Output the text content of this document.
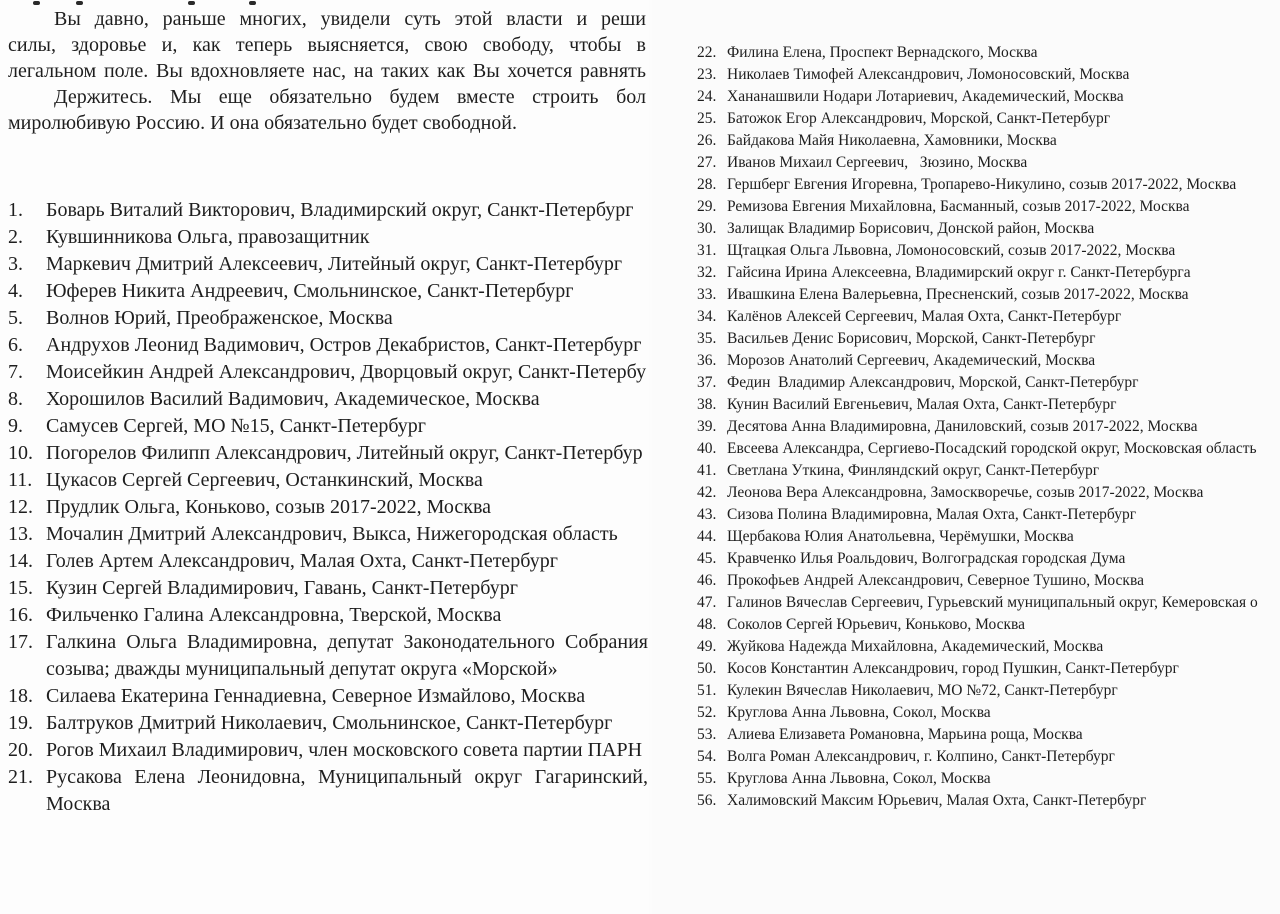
Вы давно, раньше многих, увидели суть этой власти и реши
силы, здоровье и, как теперь выясняется, свою свободу, чтобы в
легальном поле. Вы вдохновляете нас, на таких как Вы хочется равнять
Держитесь. Мы еще обязательно будем вместе строить бол
миролюбивую Россию. И она обязательно будет свободной.
1.	Боварь Виталий Викторович, Владимирский округ, Санкт-Петербург
2.	Кувшинникова Ольга, правозащитник
3.	Маркевич Дмитрий Алексеевич, Литейный округ, Санкт-Петербург
4.	Юферев Никита Андреевич, Смольнинское, Санкт-Петербург
5.	Волнов Юрий, Преображенское, Москва
6.	Андрухов Леонид Вадимович, Остров Декабристов, Санкт-Петербург
7.	Моисейкин Андрей Александрович, Дворцовый округ, Санкт-Петербу
8.	Хорошилов Василий Вадимович, Академическое, Москва
9.	Самусев Сергей, МО №15, Санкт-Петербург
10. Погорелов Филипп Александрович, Литейный округ, Санкт-Петербур
11. Цукасов Сергей Сергеевич, Останкинский, Москва
12. Прудлик Ольга, Коньково, созыв 2017-2022, Москва
13. Мочалин Дмитрий Александрович, Выкса, Нижегородская область
14. Голев Артем Александрович, Малая Охта, Санкт-Петербург
15. Кузин Сергей Владимирович, Гавань, Санкт-Петербург
16. Фильченко Галина Александровна, Тверской, Москва
17. Галкина Ольга Владимировна, депутат Законодательного Собрания
созыва; дважды муниципальный депутат округа «Морской»
18. Силаева Екатерина Геннадиевна, Северное Измайлово, Москва
19. Балтруков Дмитрий Николаевич, Смольнинское, Санкт-Петербург
20. Рогов Михаил Владимирович, член московского совета партии ПАРН
21. Русакова Елена Леонидовна, Муниципальный округ Гагаринский,
Москва
22. Филина Елена, Проспект Вернадского, Москва
23. Николаев Тимофей Александрович, Ломоносовский, Москва
24. Хананашвили Нодари Лотариевич, Академический, Москва
25. Батожок Егор Александрович, Морской, Санкт-Петербург
26. Байдакова Майя Николаевна, Хамовники, Москва
27. Иванов Михаил Сергеевич,   Зюзино, Москва
28. Гершберг Евгения Игоревна, Тропарево-Никулино, созыв 2017-2022, Москва
29. Ремизова Евгения Михайловна, Басманный, созыв 2017-2022, Москва
30. Залищак Владимир Борисович, Донской район, Москва
31. Щтацкая Ольга Львовна, Ломоносовский, созыв 2017-2022, Москва
32. Гайсина Ирина Алексеевна, Владимирский округ г. Санкт-Петербурга
33. Ивашкина Елена Валерьевна, Пресненский, созыв 2017-2022, Москва
34. Калёнов Алексей Сергеевич, Малая Охта, Санкт-Петербург
35. Васильев Денис Борисович, Морской, Санкт-Петербург
36. Морозов Анатолий Сергеевич, Академический, Москва
37. Федин  Владимир Александрович, Морской, Санкт-Петербург
38. Кунин Василий Евгеньевич, Малая Охта, Санкт-Петербург
39. Десятова Анна Владимировна, Даниловский, созыв 2017-2022, Москва
40. Евсеева Александра, Сергиево-Посадский городской округ, Московская область
41. Светлана Уткина, Финляндский округ, Санкт-Петербург
42. Леонова Вера Александровна, Замоскворечье, созыв 2017-2022, Москва
43. Сизова Полина Владимировна, Малая Охта, Санкт-Петербург
44. Щербакова Юлия Анатольевна, Черёмушки, Москва
45. Кравченко Илья Роальдович, Волгоградская городская Дума
46. Прокофьев Андрей Александрович, Северное Тушино, Москва
47. Галинов Вячеслав Сергеевич, Гурьевский муниципальный округ, Кемеровская о
48. Соколов Сергей Юрьевич, Коньково, Москва
49. Жуйкова Надежда Михайловна, Академический, Москва
50. Косов Константин Александрович, город Пушкин, Санкт-Петербург
51. Кулекин Вячеслав Николаевич, МО №72, Санкт-Петербург
52. Круглова Анна Львовна, Сокол, Москва
53. Алиева Елизавета Романовна, Марьина роща, Москва
54. Волга Роман Александрович, г. Колпино, Санкт-Петербург
55. Круглова Анна Львовна, Сокол, Москва
56. Халимовский Максим Юрьевич, Малая Охта, Санкт-Петербург
